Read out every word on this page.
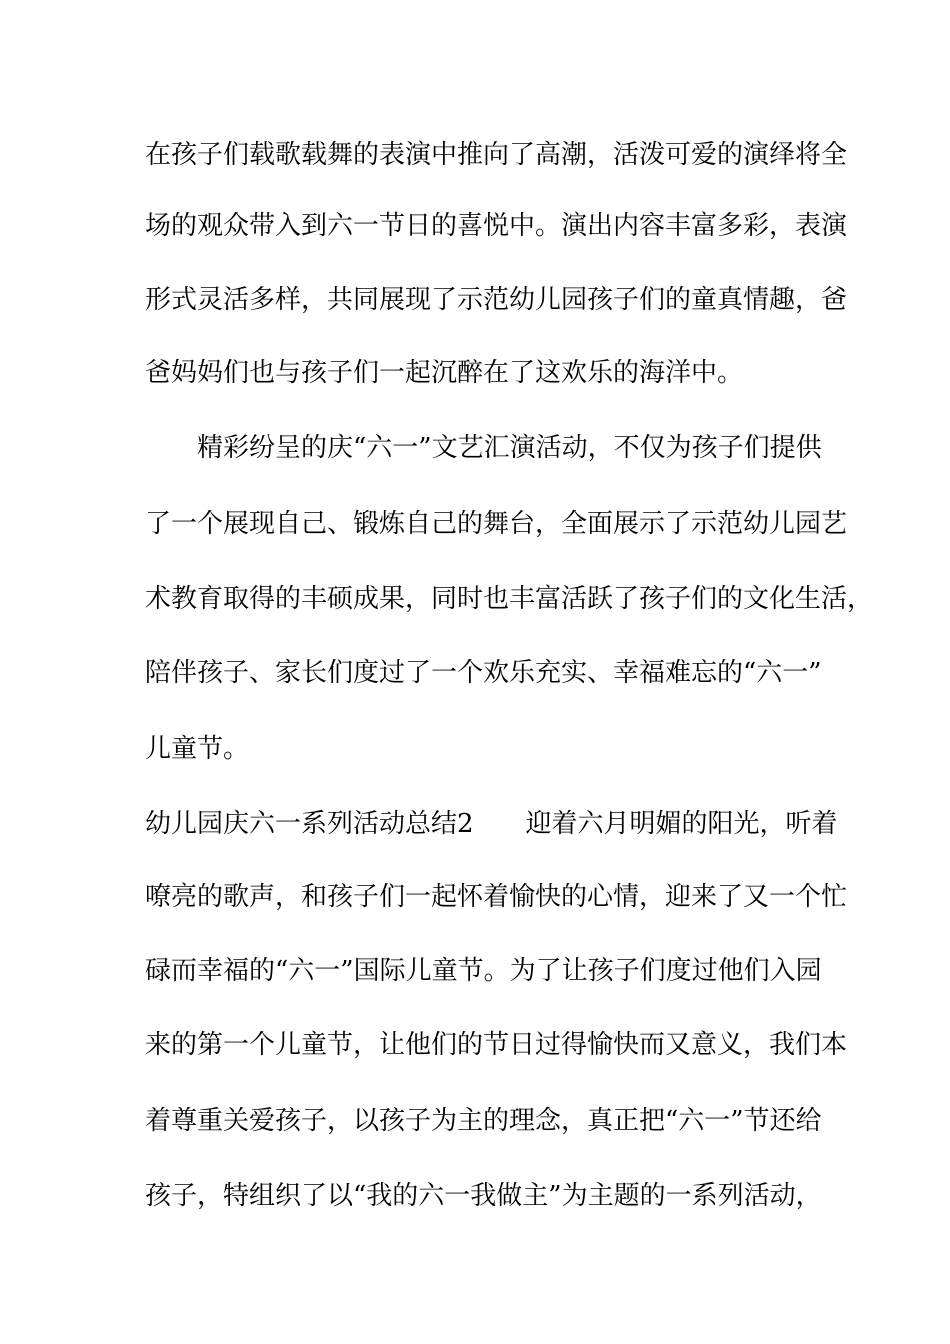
在孩子们载歌载舞的表演中推向了高潮，活泼可爱的演绎将全
场的观众带入到六一节日的喜悦中。演出内容丰富多彩，表演
形式灵活多样，共同展现了示范幼儿园孩子们的童真情趣，爸
爸妈妈们也与孩子们一起沉醉在了这欢乐的海洋中。
　　精彩纷呈的庆“六一”文艺汇演活动，不仅为孩子们提供
了一个展现自己、锻炼自己的舞台，全面展示了示范幼儿园艺
术教育取得的丰硕成果，同时也丰富活跃了孩子们的文化生活，
陪伴孩子、家长们度过了一个欢乐充实、幸福难忘的“六一”
儿童节。
幼儿园庆六一系列活动总结2　　迎着六月明媚的阳光，听着
嘹亮的歌声，和孩子们一起怀着愉快的心情，迎来了又一个忙
碌而幸福的“六一”国际儿童节。为了让孩子们度过他们入园
来的第一个儿童节，让他们的节日过得愉快而又意义，我们本
着尊重关爱孩子，以孩子为主的理念，真正把“六一”节还给
孩子，特组织了以“我的六一我做主”为主题的一系列活动，
